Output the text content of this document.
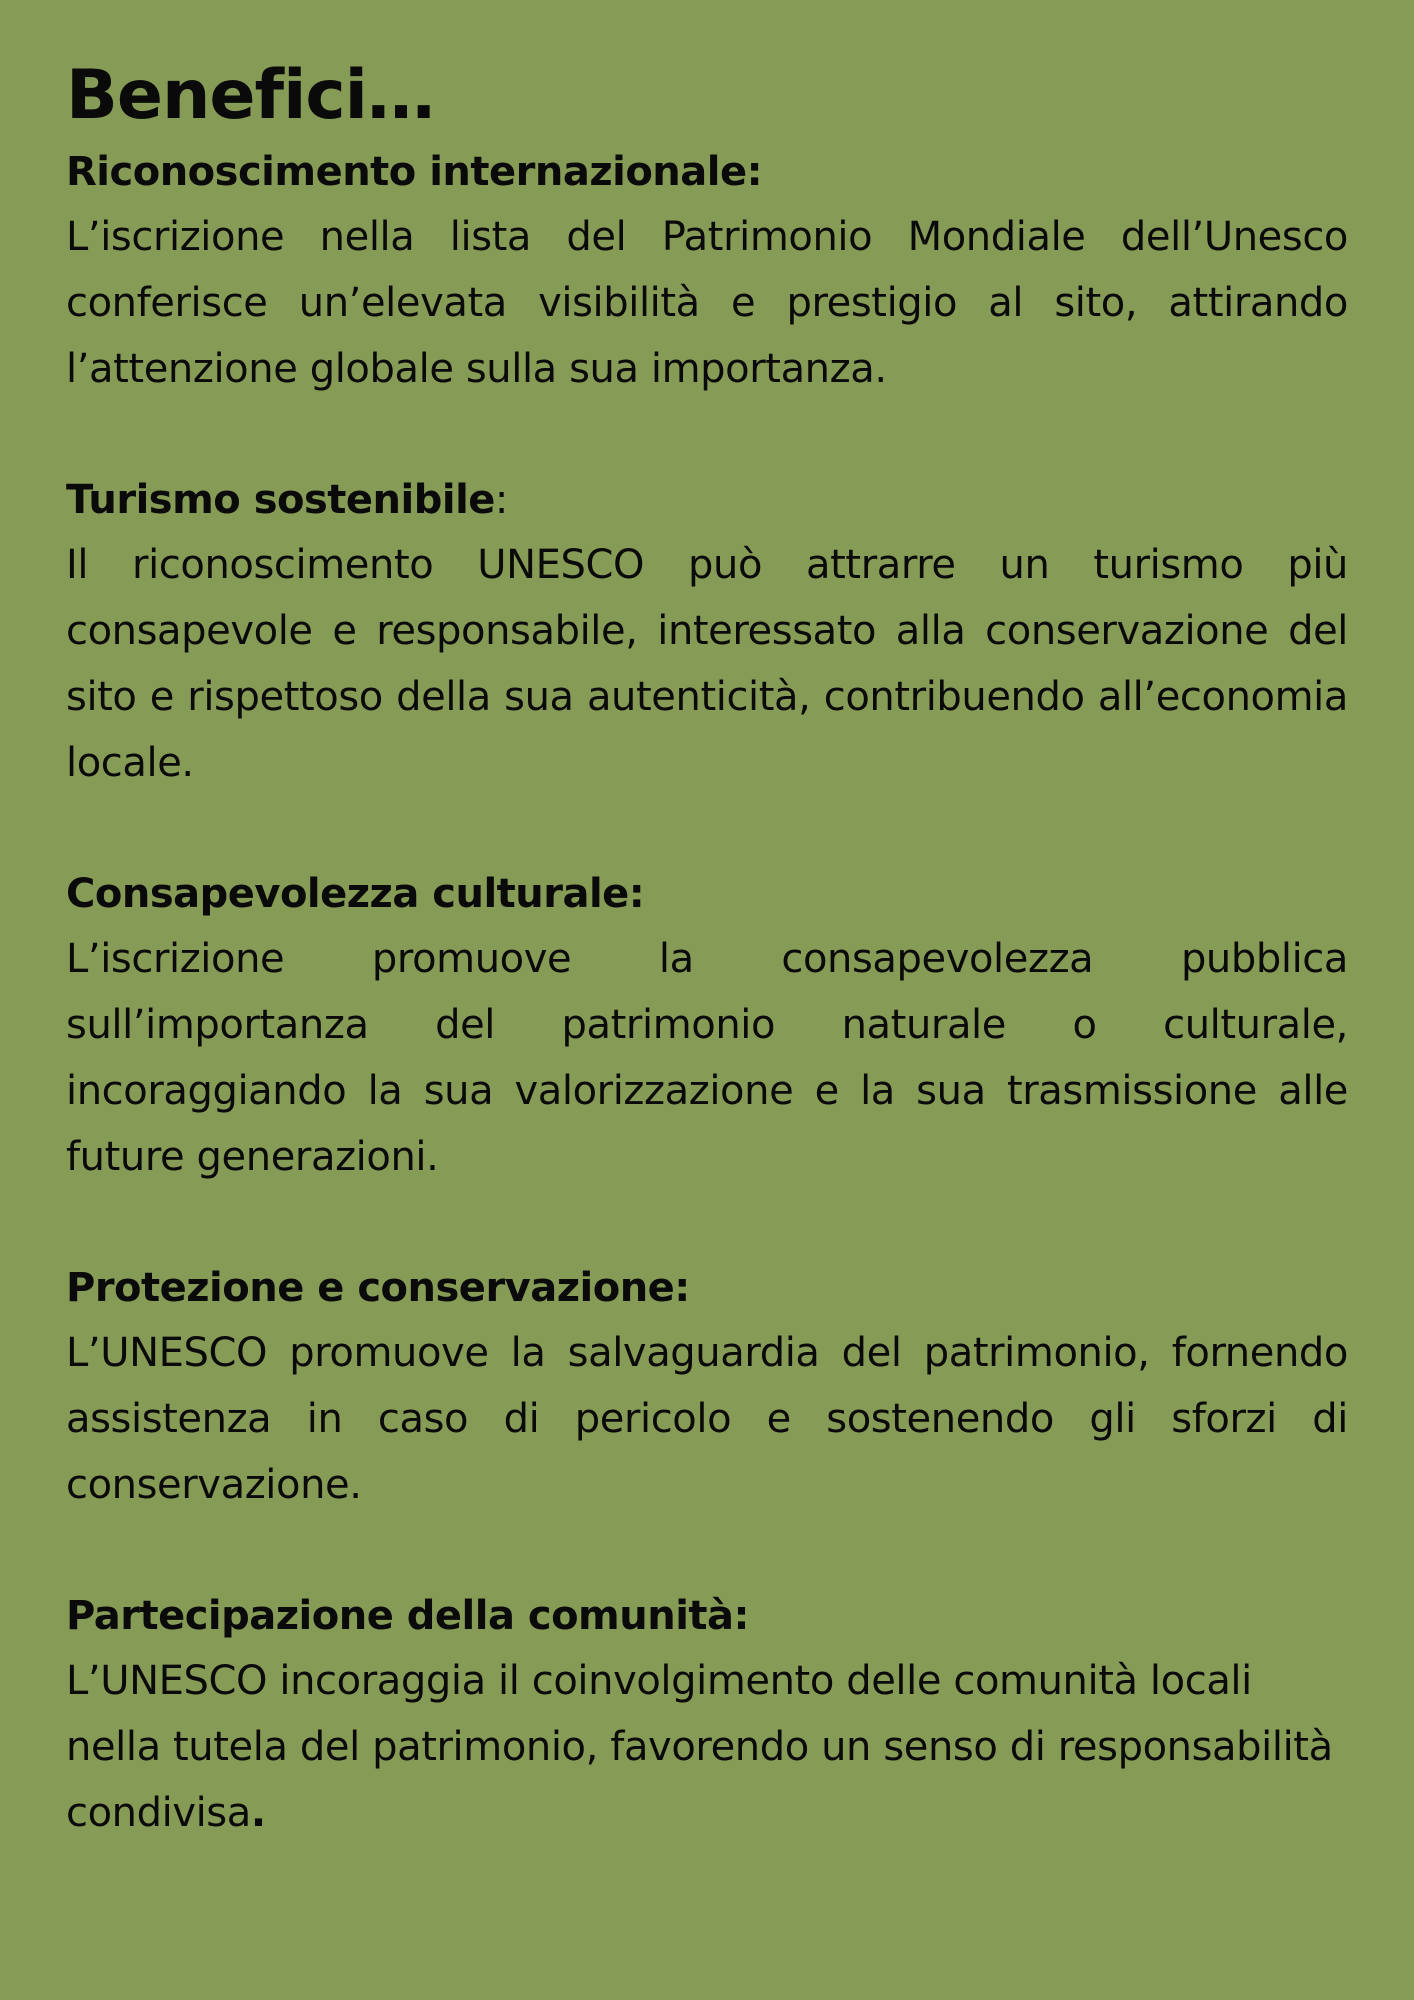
Benefici…
Riconoscimento internazionale:

L’iscrizione nella lista del Patrimonio Mondiale dell’Unesco conferisce un’elevata visibilità e prestigio al sito, attirando l’attenzione globale sulla sua importanza.

Turismo sostenibile:

Il riconoscimento UNESCO può attrarre un turismo più consapevole e responsabile, interessato alla conservazione del sito e rispettoso della sua autenticità, contribuendo all’economia locale.

Consapevolezza culturale:

L’iscrizione promuove la consapevolezza pubblica sull’importanza del patrimonio naturale o culturale, incoraggiando la sua valorizzazione e la sua trasmissione alle future generazioni.

Protezione e conservazione:

L’UNESCO promuove la salvaguardia del patrimonio, fornendo assistenza in caso di pericolo e sostenendo gli sforzi di conservazione.

Partecipazione della comunità:

L’UNESCO incoraggia il coinvolgimento delle comunità locali nella tutela del patrimonio, favorendo un senso di responsabilità condivisa.
